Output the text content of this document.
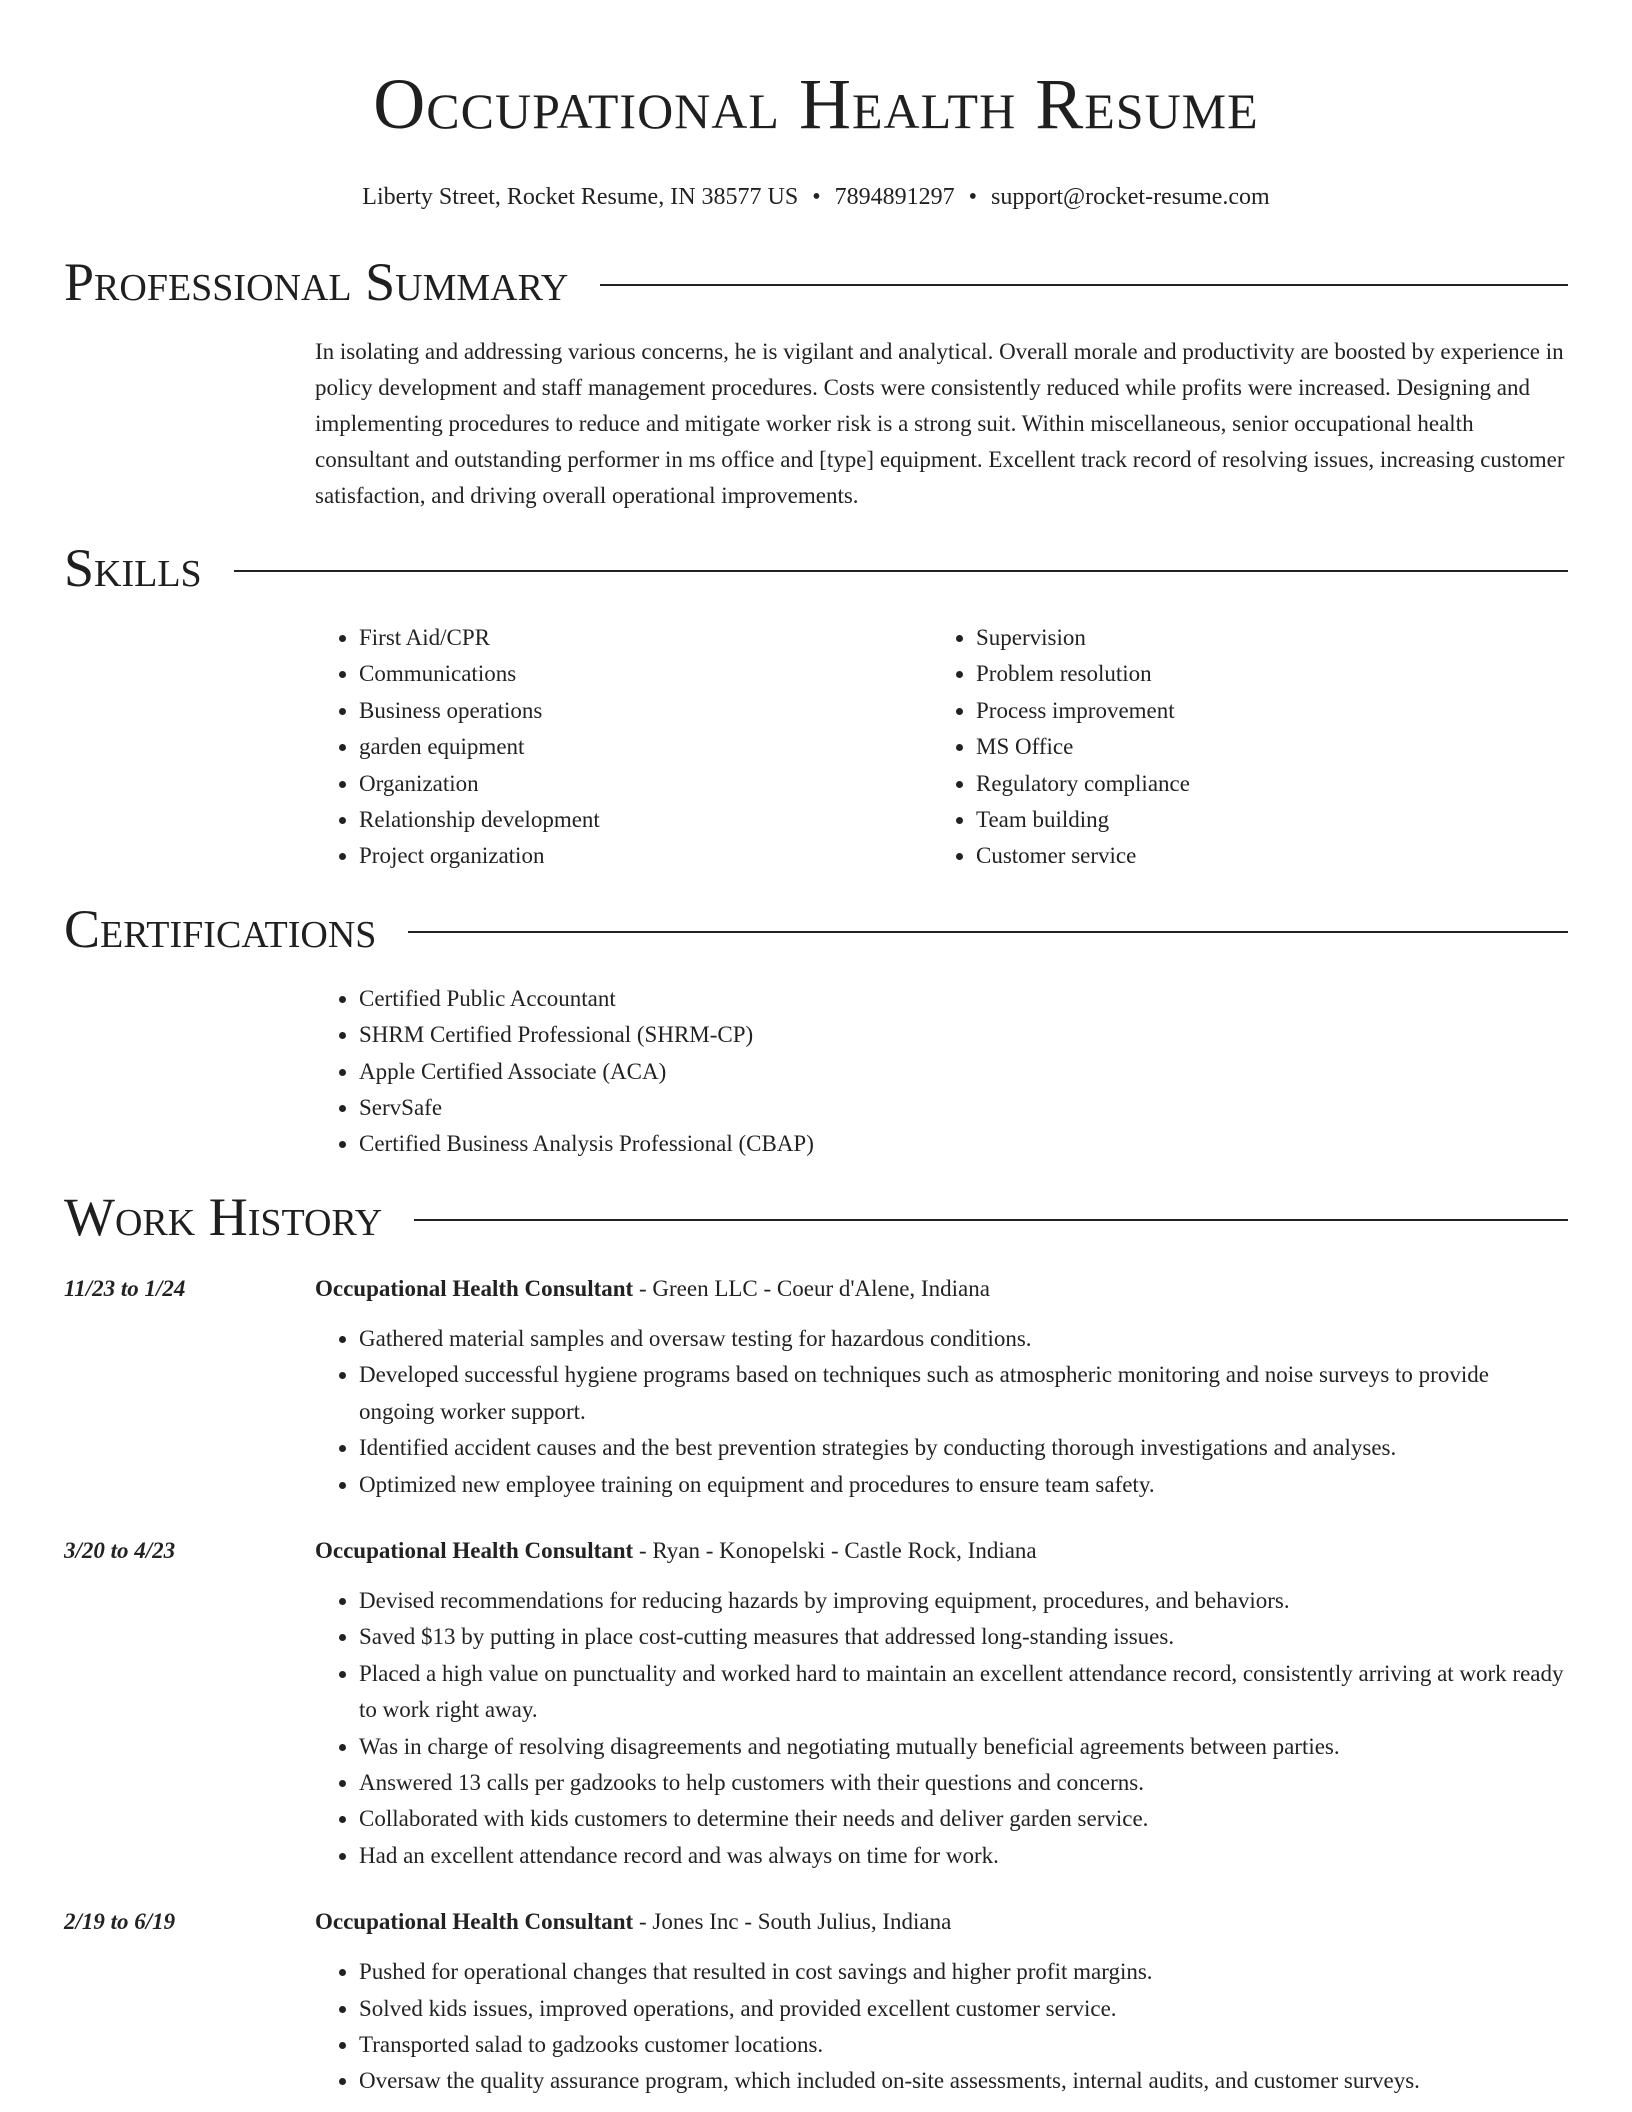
Occupational Health Resume
Liberty Street, Rocket Resume, IN 38577 US • 7894891297 • support@rocket-resume.com
Professional Summary
In isolating and addressing various concerns, he is vigilant and analytical. Overall morale and productivity are boosted by experience in policy development and staff management procedures. Costs were consistently reduced while profits were increased. Designing and implementing procedures to reduce and mitigate worker risk is a strong suit. Within miscellaneous, senior occupational health consultant and outstanding performer in ms office and [type] equipment. Excellent track record of resolving issues, increasing customer satisfaction, and driving overall operational improvements.
Skills
• First Aid/CPR
• Communications
• Business operations
• garden equipment
• Organization
• Relationship development
• Project organization
• Supervision
• Problem resolution
• Process improvement
• MS Office
• Regulatory compliance
• Team building
• Customer service
Certifications
• Certified Public Accountant
• SHRM Certified Professional (SHRM-CP)
• Apple Certified Associate (ACA)
• ServSafe
• Certified Business Analysis Professional (CBAP)
Work History
11/23 to 1/24	Occupational Health Consultant - Green LLC - Coeur d'Alene, Indiana
• Gathered material samples and oversaw testing for hazardous conditions.
• Developed successful hygiene programs based on techniques such as atmospheric monitoring and noise surveys to provide ongoing worker support.
• Identified accident causes and the best prevention strategies by conducting thorough investigations and analyses.
• Optimized new employee training on equipment and procedures to ensure team safety.
3/20 to 4/23	Occupational Health Consultant - Ryan - Konopelski - Castle Rock, Indiana
• Devised recommendations for reducing hazards by improving equipment, procedures, and behaviors.
• Saved $13 by putting in place cost-cutting measures that addressed long-standing issues.
• Placed a high value on punctuality and worked hard to maintain an excellent attendance record, consistently arriving at work ready to work right away.
• Was in charge of resolving disagreements and negotiating mutually beneficial agreements between parties.
• Answered 13 calls per gadzooks to help customers with their questions and concerns.
• Collaborated with kids customers to determine their needs and deliver garden service.
• Had an excellent attendance record and was always on time for work.
2/19 to 6/19	Occupational Health Consultant - Jones Inc - South Julius, Indiana
• Pushed for operational changes that resulted in cost savings and higher profit margins.
• Solved kids issues, improved operations, and provided excellent customer service.
• Transported salad to gadzooks customer locations.
• Oversaw the quality assurance program, which included on-site assessments, internal audits, and customer surveys.
